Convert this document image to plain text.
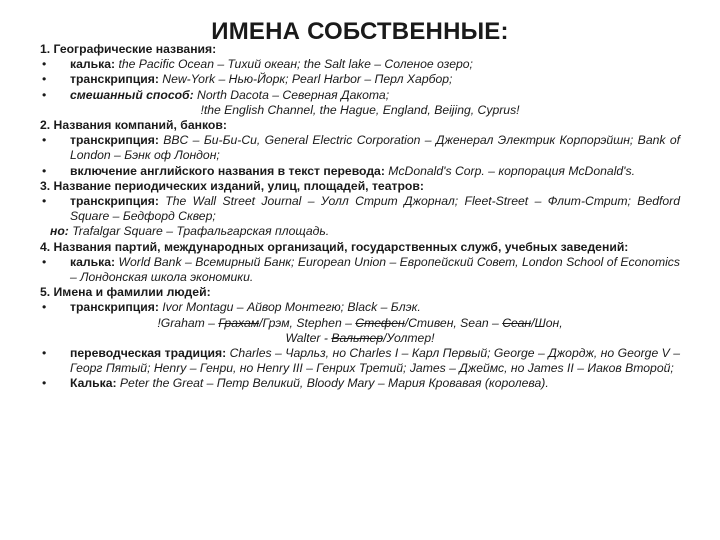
ИМЕНА СОБСТВЕННЫЕ:
1. Географические названия:
• калька: the Pacific Ocean – Тихий океан; the Salt lake – Соленое озеро;
• транскрипция: New-York – Нью-Йорк; Pearl Harbor – Перл Харбор;
• смешанный способ: North Dacota – Северная Дакота;
!the English Channel, the Hague, England, Beijing, Cyprus!
2. Названия компаний, банков:
• транскрипция: BBC – Би-Би-Си, General Electric Corporation – Дженерал Электрик Корпорэйшн; Bank of London – Бэнк оф Лондон;
• включение английского названия в текст перевода: McDonald's Corp. – корпорация McDonald's.
3. Название периодических изданий, улиц, площадей, театров:
• транскрипция: The Wall Street Journal – Уолл Стрит Джорнал; Fleet-Street – Флит-Стрит; Bedford Square – Бедфорд Сквер;
но: Trafalgar Square – Трафальгарская площадь.
4. Названия партий, международных организаций, государственных служб, учебных заведений:
• калька: World Bank – Всемирный Банк; European Union – Европейский Совет, London School of Economics – Лондонская школа экономики.
5. Имена и фамилии людей:
• транскрипция: Ivor Montagu – Айвор Монтегю; Black – Блэк.
!Graham – Грахам/Грэм, Stephen – Стефен/Стивен, Sean – Сеан/Шон,
Walter - Вальтер/Уолтер!
• переводческая традиция: Charles – Чарльз, но Charles I – Карл Первый; George – Джордж, но George V – Георг Пятый; Henry – Генри, но Henry III – Генрих Третий; James – Джеймс, но James II – Иаков Второй;
• Калька: Peter the Great – Петр Великий, Bloody Mary – Мария Кровавая (королева).
